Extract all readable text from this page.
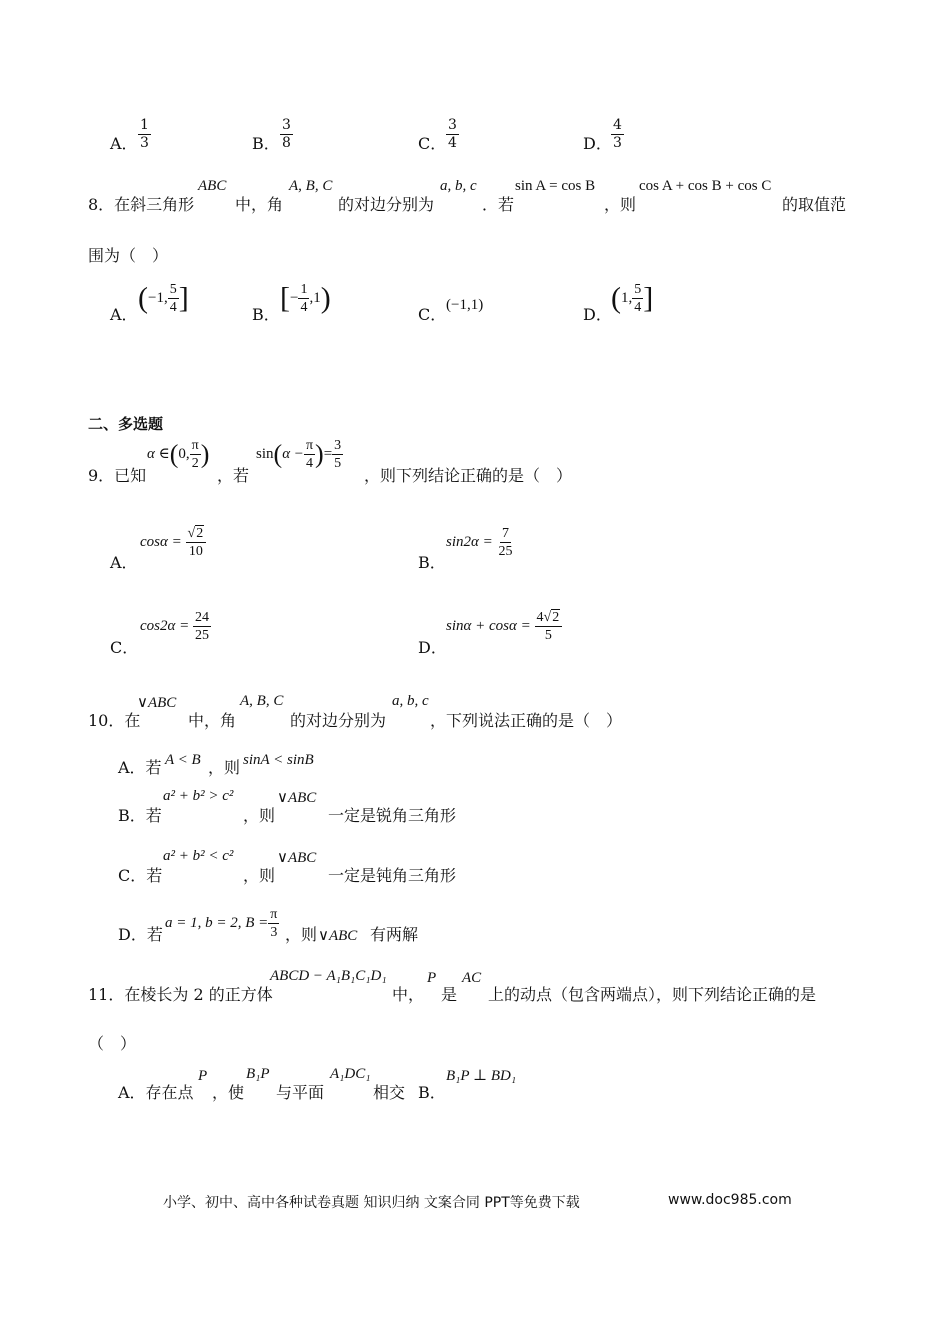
A． $\frac{1}{3}$	B． $\frac{3}{8}$	C． $\frac{3}{4}$	D． $\frac{4}{3}$
8．在斜三角形
ABC
中，角
A, B, C
的对边分别为
a, b, c
．若
sin A = cos B
，则
cos A + cos B + cos C
的取值范
围为（　）
A． (−1, $\frac{5}{4}$ ]	B． [− $\frac{1}{4} ,1$)	C． (−1,1)	D． (1, $\frac{5}{4}$ ]
二、多选题
9．已知
α ∈(0, $\frac{\pi}{2}$ )
，若
$\sin(\alpha - \frac{\pi}{4}$ )= $\frac{3}{5}$
，则下列结论正确的是（　）
A．
$\cos\alpha = \frac{√2}{10}$
B．
$\sin 2\alpha = \frac{7}{25}$
C．
$\cos 2\alpha = \frac{24}{25}$
D．
$\sin\alpha + \cos\alpha = \frac{4√2}{5}$
10．在
∨ABC
中，角
A, B, C
的对边分别为
a, b, c
，下列说法正确的是（　）
A．若 A < B ，则 sinA < sinB
B．若
a² + b² > c²
，则
∨ABC
一定是锐角三角形
C．若
a² + b² < c²
，则
∨ABC
一定是钝角三角形
D．若
a = 1, b = 2, $B = \frac{\pi}{3}$ ，则 ∨ABC 有两解
11．在棱长为 2 的正方体
ABCD − A₁B₁C₁D₁
中，
P
是
AC
上的动点（包含两端点），则下列结论正确的是
（　）
A．存在点
P
，使
B₁P
与平面
A₁DC₁
相交 B．
B₁P ⊥ BD₁
小学、初中、高中各种试卷真题 知识归纳 文案合同 PPT等免费下载	www.doc985.com
